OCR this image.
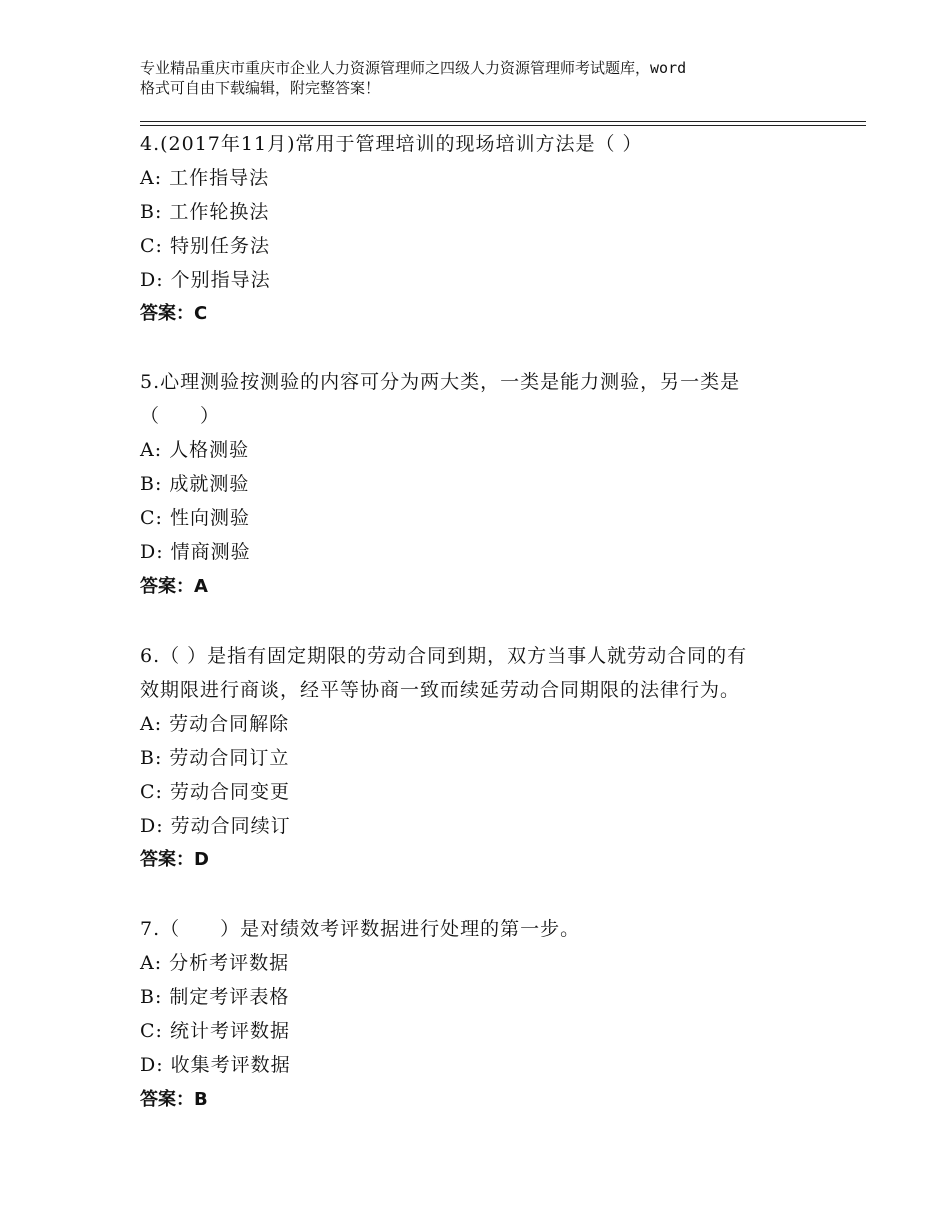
专业精品重庆市重庆市企业人力资源管理师之四级人力资源管理师考试题库，word
格式可自由下载编辑，附完整答案！
4.(2017年11月)常用于管理培训的现场培训方法是（ ）
A: 工作指导法
B: 工作轮换法
C: 特别任务法
D: 个别指导法
答案：C
5.心理测验按测验的内容可分为两大类，一类是能力测验，另一类是
（　　）
A: 人格测验
B: 成就测验
C: 性向测验
D: 情商测验
答案：A
6.（ ）是指有固定期限的劳动合同到期，双方当事人就劳动合同的有
效期限进行商谈，经平等协商一致而续延劳动合同期限的法律行为。
A: 劳动合同解除
B: 劳动合同订立
C: 劳动合同变更
D: 劳动合同续订
答案：D
7.（　　）是对绩效考评数据进行处理的第一步。
A: 分析考评数据
B: 制定考评表格
C: 统计考评数据
D: 收集考评数据
答案：B
